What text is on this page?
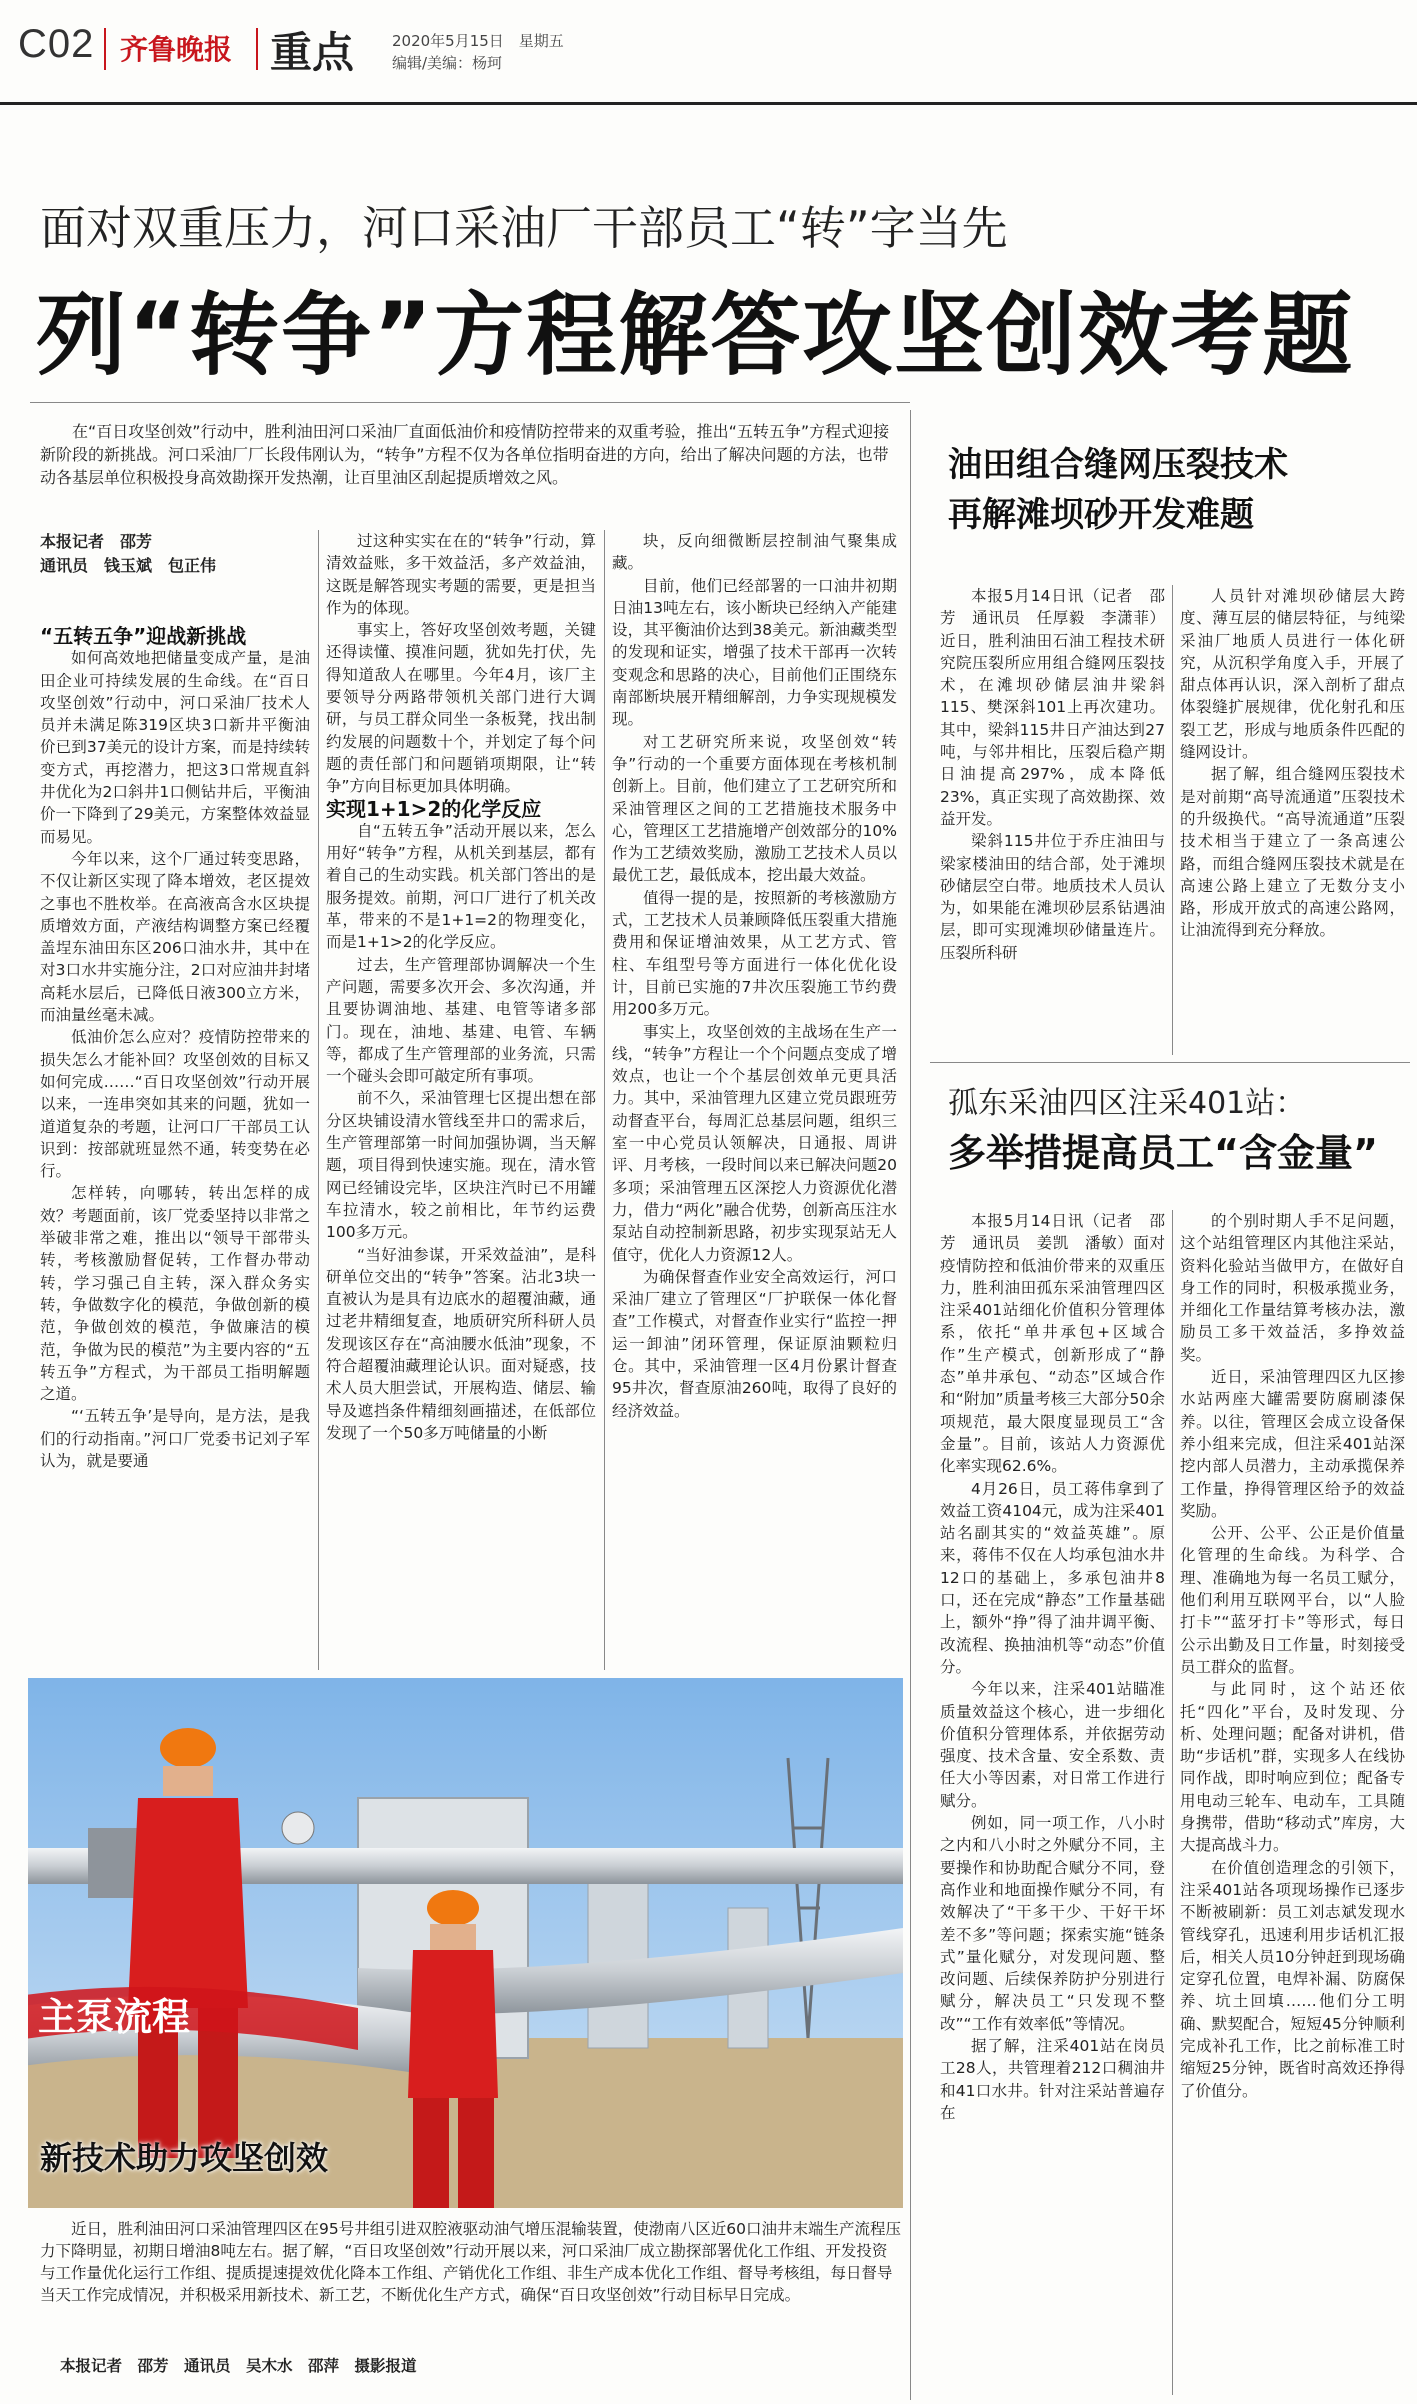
C02 齐鲁晚报 重点	2020年5月15日　星期五
编辑/美编：杨珂
面对双重压力，河口采油厂干部员工“转”字当先
列“转争”方程解答攻坚创效考题
在“百日攻坚创效”行动中，胜利油田河口采油厂直面低油价和疫情防控带来的双重考验，推出“五转五争”方程式迎接新阶段的新挑战。河口采油厂厂长段伟刚认为，“转争”方程不仅为各单位指明奋进的方向，给出了解决问题的方法，也带动各基层单位积极投身高效勘探开发热潮，让百里油区刮起提质增效之风。
本报记者　邵芳
通讯员　钱玉斌　包正伟

“五转五争”迎战新挑战

如何高效地把储量变成产量，是油田企业可持续发展的生命线。在“百日攻坚创效”行动中，河口采油厂技术人员并未满足陈319区块3口新井平衡油价已到37美元的设计方案，而是持续转变方式，再挖潜力，把这3口常规直斜井优化为2口斜井1口侧钻井后，平衡油价一下降到了29美元，方案整体效益显而易见。

今年以来，这个厂通过转变思路，不仅让新区实现了降本增效，老区提效之事也不胜枚举。在高液高含水区块提质增效方面，产液结构调整方案已经覆盖埕东油田东区206口油水井，其中在对3口水井实施分注，2口对应油井封堵高耗水层后，已降低日液300立方米，而油量丝毫未减。

低油价怎么应对？疫情防控带来的损失怎么才能补回？攻坚创效的目标又如何完成……“百日攻坚创效”行动开展以来，一连串突如其来的问题，犹如一道道复杂的考题，让河口厂干部员工认识到：按部就班显然不通，转变势在必行。

怎样转，向哪转，转出怎样的成效？考题面前，该厂党委坚持以非常之举破非常之难，推出以“领导干部带头转，考核激励督促转，工作督办带动转，学习强己自主转，深入群众务实转，争做数字化的模范，争做创新的模范，争做创效的模范，争做廉洁的模范，争做为民的模范”为主要内容的“五转五争”方程式，为干部员工指明解题之道。

“‘五转五争’是导向，是方法，是我们的行动指南。”河口厂党委书记刘子军认为，就是要通

过这种实实在在的“转争”行动，算清效益账，多干效益活，多产效益油，这既是解答现实考题的需要，更是担当作为的体现。

事实上，答好攻坚创效考题，关键还得读懂、摸准问题，犹如先打伏，先得知道敌人在哪里。今年4月，该厂主要领导分两路带领机关部门进行大调研，与员工群众同坐一条板凳，找出制约发展的问题数十个，并划定了每个问题的责任部门和问题销项期限，让“转争”方向目标更加具体明确。

实现1+1>2的化学反应

自“五转五争”活动开展以来，怎么用好“转争”方程，从机关到基层，都有着自己的生动实践。机关部门答出的是服务提效。前期，河口厂进行了机关改革，带来的不是1+1=2的物理变化，而是1+1>2的化学反应。

过去，生产管理部协调解决一个生产问题，需要多次开会、多次沟通，并且要协调油地、基建、电管等诸多部门。现在，油地、基建、电管、车辆等，都成了生产管理部的业务流，只需一个碰头会即可敲定所有事项。

前不久，采油管理七区提出想在部分区块铺设清水管线至井口的需求后，生产管理部第一时间加强协调，当天解题，项目得到快速实施。现在，清水管网已经铺设完毕，区块注汽时已不用罐车拉清水，较之前相比，年节约运费100多万元。

“当好油参谋，开采效益油”，是科研单位交出的“转争”答案。沾北3块一直被认为是具有边底水的超覆油藏，通过老井精细复查，地质研究所科研人员发现该区存在“高油腰水低油”现象，不符合超覆油藏理论认识。面对疑惑，技术人员大胆尝试，开展构造、储层、输导及遮挡条件精细刻画描述，在低部位发现了一个50多万吨储量的小断

块，反向细微断层控制油气聚集成藏。

目前，他们已经部署的一口油井初期日油13吨左右，该小断块已经纳入产能建设，其平衡油价达到38美元。新油藏类型的发现和证实，增强了技术干部再一次转变观念和思路的决心，目前他们正围绕东南部断块展开精细解剖，力争实现规模发现。

对工艺研究所来说，攻坚创效“转争”行动的一个重要方面体现在考核机制创新上。目前，他们建立了工艺研究所和采油管理区之间的工艺措施技术服务中心，管理区工艺措施增产创效部分的10%作为工艺绩效奖励，激励工艺技术人员以最优工艺，最低成本，挖出最大效益。

值得一提的是，按照新的考核激励方式，工艺技术人员兼顾降低压裂重大措施费用和保证增油效果，从工艺方式、管柱、车组型号等方面进行一体化优化设计，目前已实施的7井次压裂施工节约费用200多万元。

事实上，攻坚创效的主战场在生产一线，“转争”方程让一个个问题点变成了增效点，也让一个个基层创效单元更具活力。其中，采油管理九区建立党员跟班劳动督查平台，每周汇总基层问题，组织三室一中心党员认领解决，日通报、周讲评、月考核，一段时间以来已解决问题20多项；采油管理五区深挖人力资源优化潜力，借力“两化”融合优势，创新高压注水泵站自动控制新思路，初步实现泵站无人值守，优化人力资源12人。

为确保督查作业安全高效运行，河口采油厂建立了管理区“厂护联保一体化督查”工作模式，对督查作业实行“监控一押运一卸油”闭环管理，保证原油颗粒归仓。其中，采油管理一区4月份累计督查95井次，督查原油260吨，取得了良好的经济效益。

主泵流程
新技术助力攻坚创效
近日，胜利油田河口采油管理四区在95号井组引进双腔液驱动油气增压混输装置，使渤南八区近60口油井末端生产流程压力下降明显，初期日增油8吨左右。据了解，“百日攻坚创效”行动开展以来，河口采油厂成立勘探部署优化工作组、开发投资与工作量优化运行工作组、提质提速提效优化降本工作组、产销优化工作组、非生产成本优化工作组、督导考核组，每日督导当天工作完成情况，并积极采用新技术、新工艺，不断优化生产方式，确保“百日攻坚创效”行动目标早日完成。
本报记者　邵芳　通讯员　吴木水　邵萍　摄影报道
油田组合缝网压裂技术
再解滩坝砂开发难题

本报5月14日讯（记者　邵芳　通讯员　任厚毅　李潇菲）近日，胜利油田石油工程技术研究院压裂所应用组合缝网压裂技术，在滩坝砂储层油井梁斜115、樊深斜101上再次建功。其中，梁斜115井日产油达到27吨，与邻井相比，压裂后稳产期日油提高297%，成本降低23%，真正实现了高效勘探、效益开发。

梁斜115井位于乔庄油田与梁家楼油田的结合部，处于滩坝砂储层空白带。地质技术人员认为，如果能在滩坝砂层系钻遇油层，即可实现滩坝砂储量连片。压裂所科研

人员针对滩坝砂储层大跨度、薄互层的储层特征，与纯梁采油厂地质人员进行一体化研究，从沉积学角度入手，开展了甜点体再认识，深入剖析了甜点体裂缝扩展规律，优化射孔和压裂工艺，形成与地质条件匹配的缝网设计。

据了解，组合缝网压裂技术是对前期“高导流通道”压裂技术的升级换代。“高导流通道”压裂技术相当于建立了一条高速公路，而组合缝网压裂技术就是在高速公路上建立了无数分支小路，形成开放式的高速公路网，让油流得到充分释放。

孤东采油四区注采401站：
多举措提高员工“含金量”

本报5月14日讯（记者　邵芳　通讯员　姜凯　潘敏）面对疫情防控和低油价带来的双重压力，胜利油田孤东采油管理四区注采401站细化价值积分管理体系，依托“单井承包+区域合作”生产模式，创新形成了“静态”单井承包、“动态”区域合作和“附加”质量考核三大部分50余项规范，最大限度显现员工“含金量”。目前，该站人力资源优化率实现62.6%。

4月26日，员工蒋伟拿到了效益工资4104元，成为注采401站名副其实的“效益英雄”。原来，蒋伟不仅在人均承包油水井12口的基础上，多承包油井8口，还在完成“静态”工作量基础上，额外“挣”得了油井调平衡、改流程、换抽油机等“动态”价值分。

今年以来，注采401站瞄准质量效益这个核心，进一步细化价值积分管理体系，并依据劳动强度、技术含量、安全系数、责任大小等因素，对日常工作进行赋分。

例如，同一项工作，八小时之内和八小时之外赋分不同，主要操作和协助配合赋分不同，登高作业和地面操作赋分不同，有效解决了“干多干少、干好干坏差不多”等问题；探索实施“链条式”量化赋分，对发现问题、整改问题、后续保养防护分别进行赋分，解决员工“只发现不整改”“工作有效率低”等情况。

据了解，注采401站在岗员工28人，共管理着212口稠油井和41口水井。针对注采站普遍存在

的个别时期人手不足问题，这个站组管理区内其他注采站，资料化验站当做甲方，在做好自身工作的同时，积极承揽业务，并细化工作量结算考核办法，激励员工多干效益活，多挣效益奖。

近日，采油管理四区九区掺水站两座大罐需要防腐刷漆保养。以往，管理区会成立设备保养小组来完成，但注采401站深挖内部人员潜力，主动承揽保养工作量，挣得管理区给予的效益奖励。

公开、公平、公正是价值量化管理的生命线。为科学、合理、准确地为每一名员工赋分，他们利用互联网平台，以“人脸打卡”“蓝牙打卡”等形式，每日公示出勤及日工作量，时刻接受员工群众的监督。

与此同时，这个站还依托“四化”平台，及时发现、分析、处理问题；配备对讲机，借助“步话机”群，实现多人在线协同作战，即时响应到位；配备专用电动三轮车、电动车，工具随身携带，借助“移动式”库房，大大提高战斗力。

在价值创造理念的引领下，注采401站各项现场操作已逐步不断被刷新：员工刘志斌发现水管线穿孔，迅速利用步话机汇报后，相关人员10分钟赶到现场确定穿孔位置，电焊补漏、防腐保养、坑土回填……他们分工明确、默契配合，短短45分钟顺利完成补孔工作，比之前标准工时缩短25分钟，既省时高效还挣得了价值分。
